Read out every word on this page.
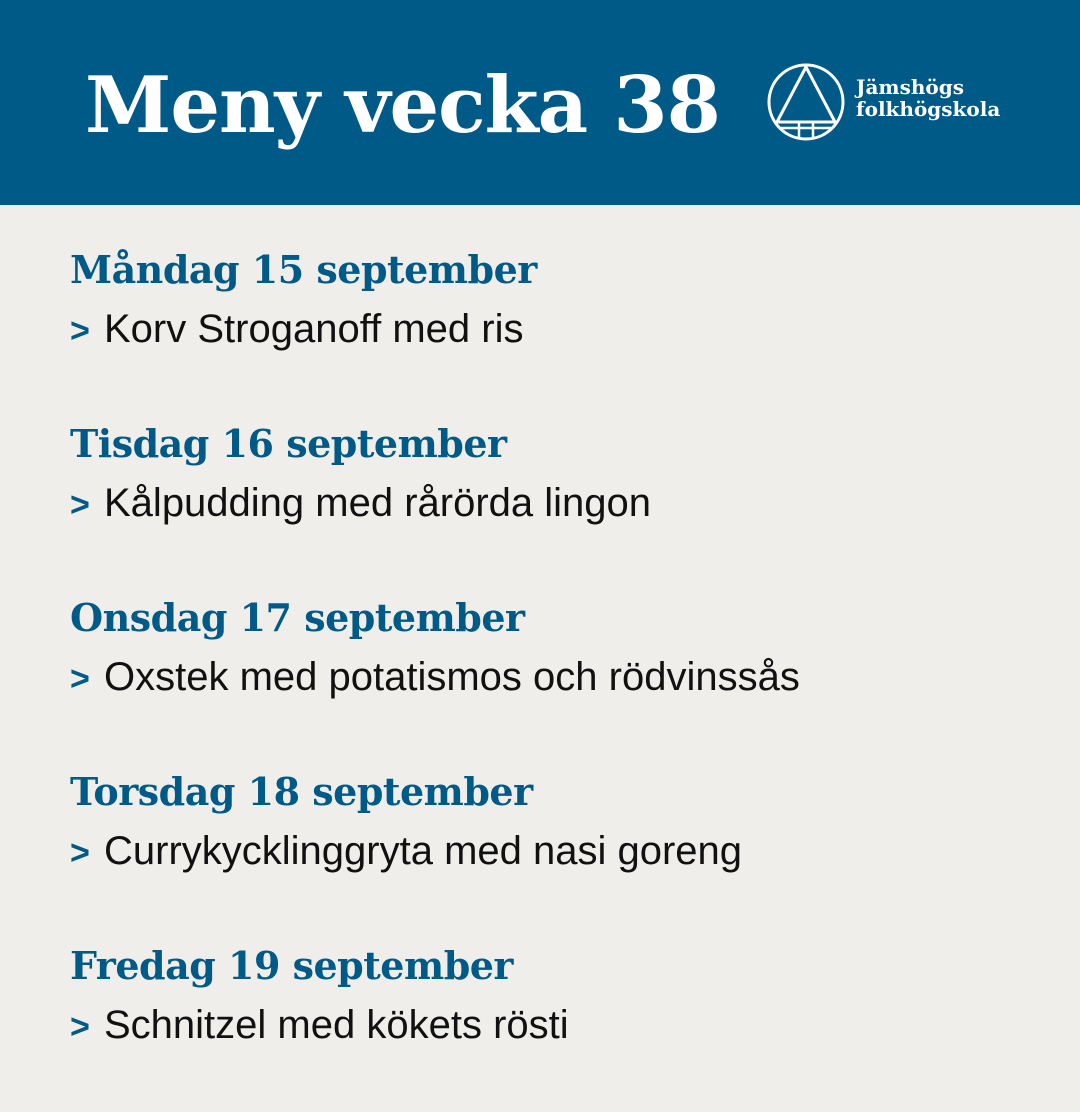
Meny vecka 38	Jämshögs
folkhögskola
Måndag 15 september

> Korv Stroganoff med ris

Tisdag 16 september

> Kålpudding med rårörda lingon

Onsdag 17 september

> Oxstek med potatismos och rödvinssås

Torsdag 18 september

> Currykycklinggryta med nasi goreng

Fredag 19 september

> Schnitzel med kökets rösti
